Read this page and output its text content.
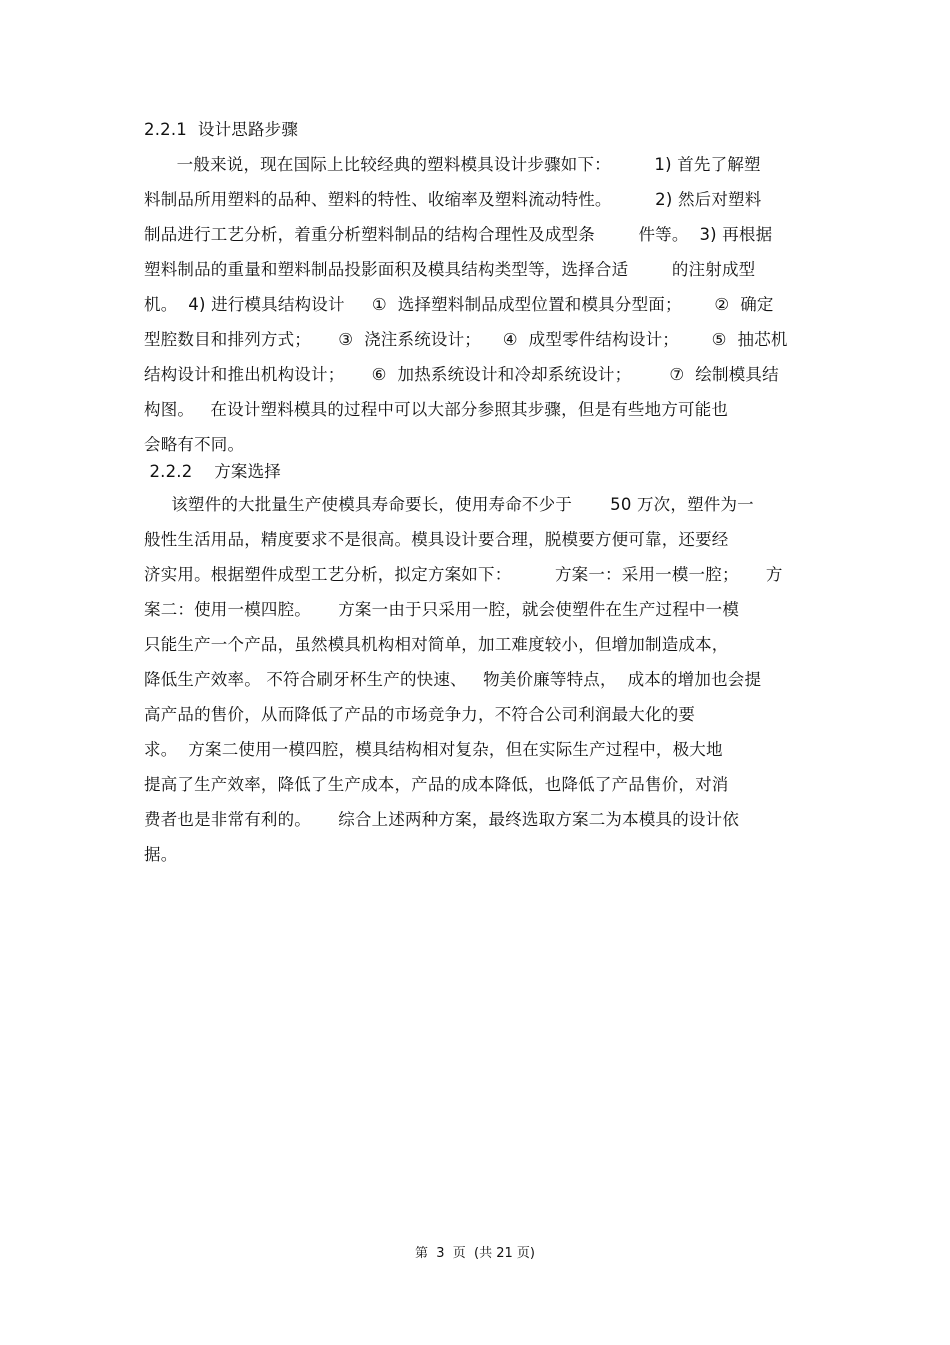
2.2.1  设计思路步骤
一般来说，现在国际上比较经典的塑料模具设计步骤如下：        1) 首先了解塑
料制品所用塑料的品种、塑料的特性、收缩率及塑料流动特性。        2) 然后对塑料
制品进行工艺分析，着重分析塑料制品的结构合理性及成型条        件等。  3) 再根据
塑料制品的重量和塑料制品投影面积及模具结构类型等，选择合适        的注射成型
机。  4) 进行模具结构设计     ①  选择塑料制品成型位置和模具分型面；      ②  确定
型腔数目和排列方式；     ③  浇注系统设计；    ④  成型零件结构设计；      ⑤  抽芯机
结构设计和推出机构设计；     ⑥  加热系统设计和冷却系统设计；       ⑦  绘制模具结
构图。   在设计塑料模具的过程中可以大部分参照其步骤，但是有些地方可能也
会略有不同。
2.2.2    方案选择
该塑件的大批量生产使模具寿命要长，使用寿命不少于       50 万次，塑件为一
般性生活用品，精度要求不是很高。模具设计要合理，脱模要方便可靠，还要经
济实用。根据塑件成型工艺分析，拟定方案如下：        方案一：采用一模一腔；     方
案二：使用一模四腔。     方案一由于只采用一腔，就会使塑件在生产过程中一模
只能生产一个产品，虽然模具机构相对简单，加工难度较小，但增加制造成本，
降低生产效率。 不符合刷牙杯生产的快速、   物美价廉等特点，  成本的增加也会提
高产品的售价，从而降低了产品的市场竞争力，不符合公司利润最大化的要
求。  方案二使用一模四腔，模具结构相对复杂，但在实际生产过程中，极大地
提高了生产效率，降低了生产成本，产品的成本降低，也降低了产品售价，对消
费者也是非常有利的。     综合上述两种方案，最终选取方案二为本模具的设计依
据。
第  3  页  (共 21 页)
